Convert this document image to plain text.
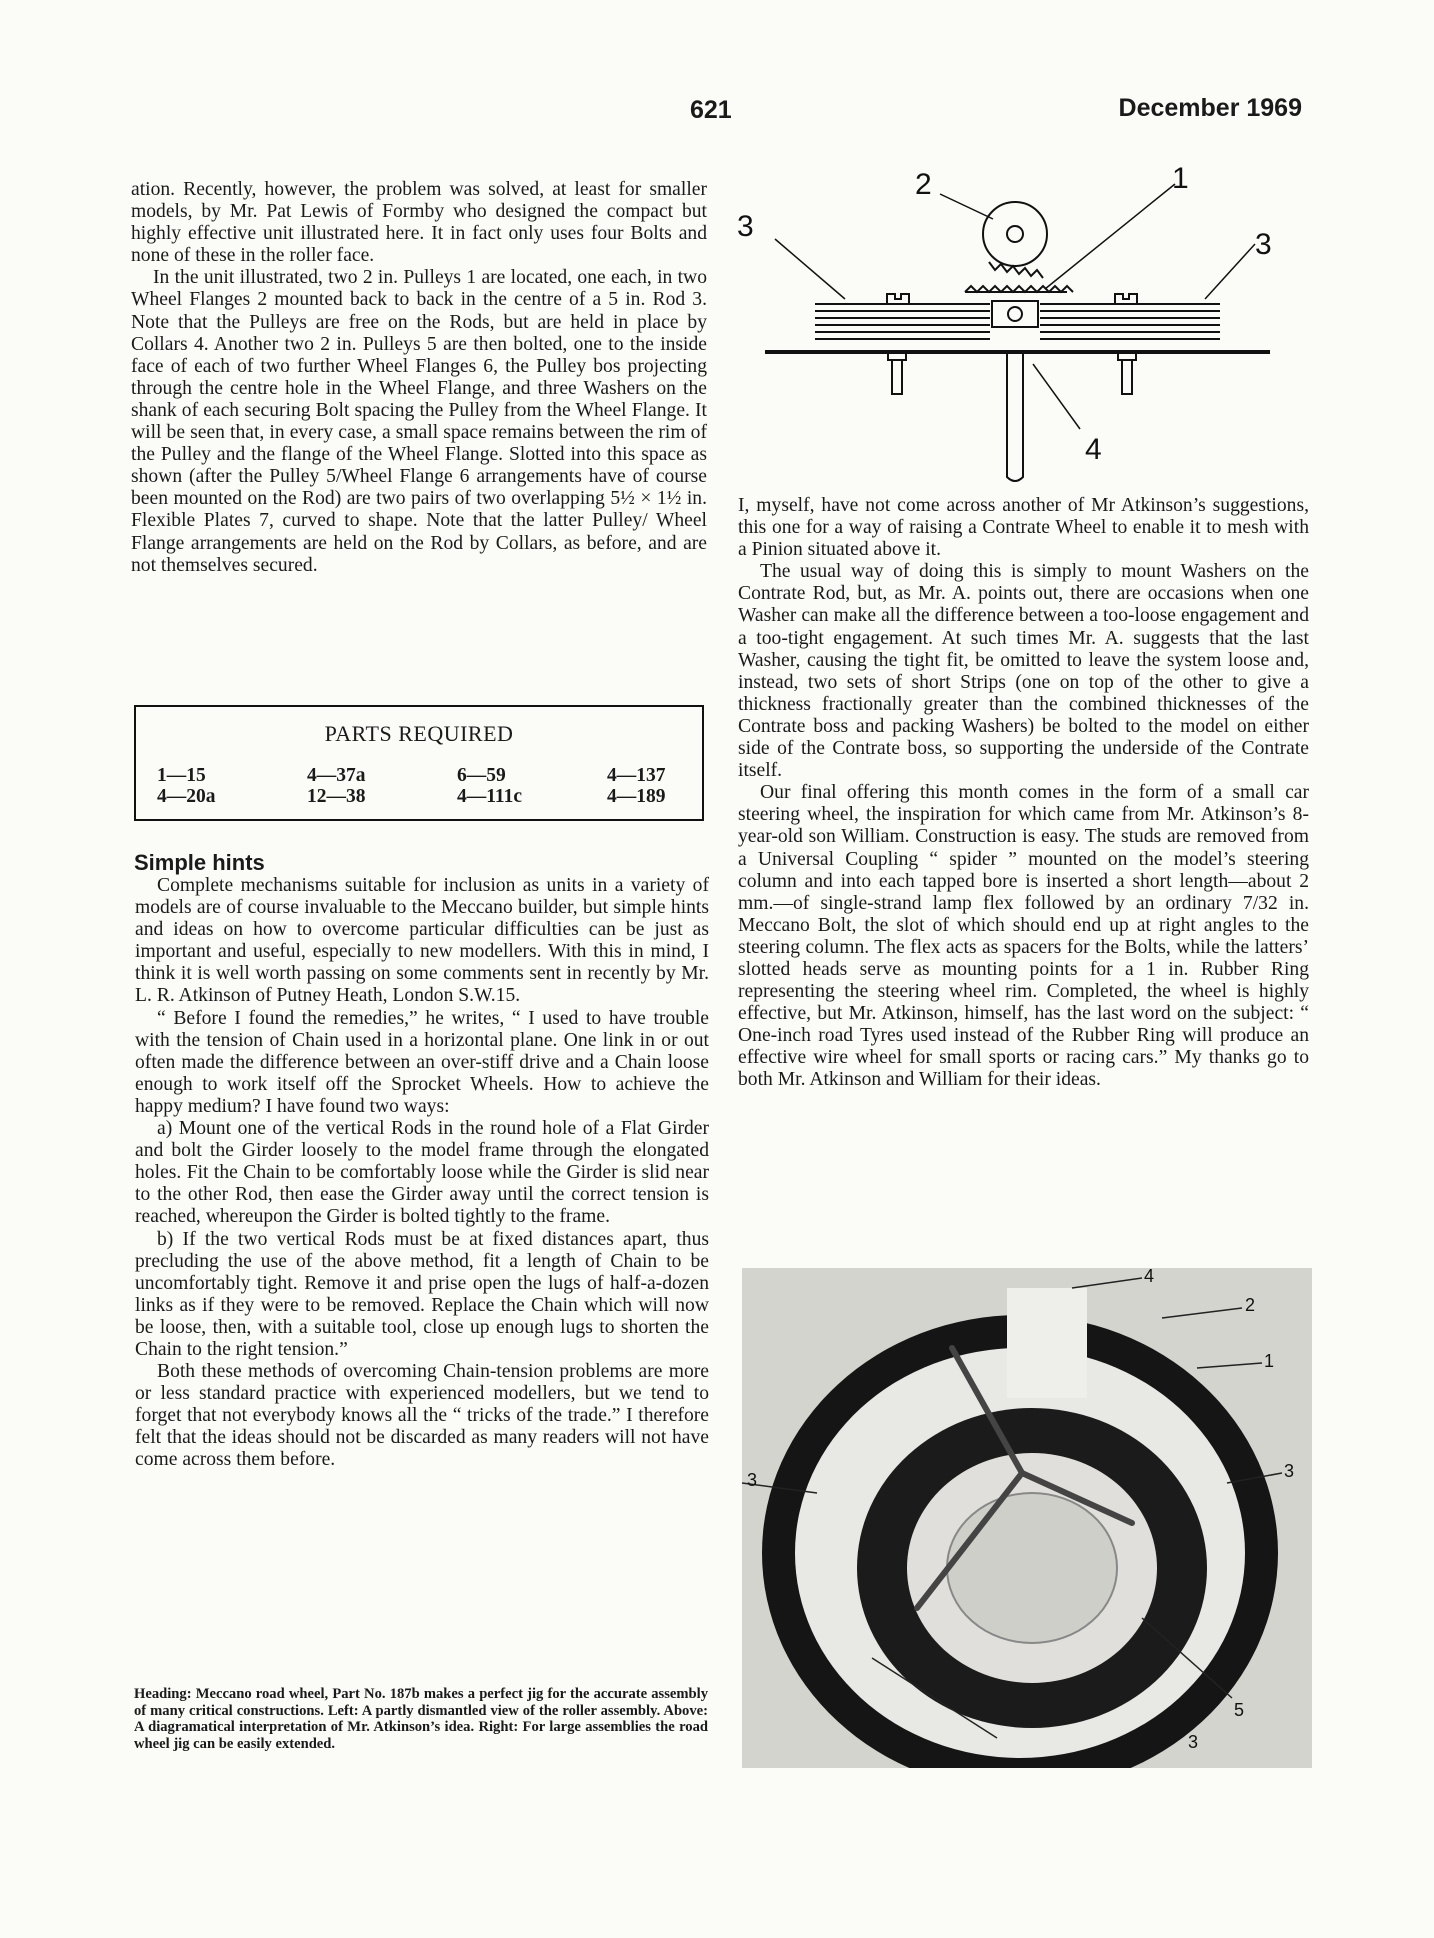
621	December 1969

ation. Recently, however, the problem was solved, at least for smaller models, by Mr. Pat Lewis of Formby who designed the compact but highly effective unit illustrated here. It in fact only uses four Bolts and none of these in the roller face.

In the unit illustrated, two 2 in. Pulleys 1 are located, one each, in two Wheel Flanges 2 mounted back to back in the centre of a 5 in. Rod 3. Note that the Pulleys are free on the Rods, but are held in place by Collars 4. Another two 2 in. Pulleys 5 are then bolted, one to the inside face of each of two further Wheel Flanges 6, the Pulley bos projecting through the centre hole in the Wheel Flange, and three Washers on the shank of each securing Bolt spacing the Pulley from the Wheel Flange. It will be seen that, in every case, a small space remains between the rim of the Pulley and the flange of the Wheel Flange. Slotted into this space as shown (after the Pulley 5/Wheel Flange 6 arrangements have of course been mounted on the Rod) are two pairs of two overlapping 5½ × 1½ in. Flexible Plates 7, curved to shape. Note that the latter Pulley/ Wheel Flange arrangements are held on the Rod by Collars, as before, and are not themselves secured.

PARTS REQUIRED
1—15	4—37a	6—59	4—137
4—20a	12—38	4—111c	4—189
Simple hints

Complete mechanisms suitable for inclusion as units in a variety of models are of course invaluable to the Meccano builder, but simple hints and ideas on how to overcome particular difficulties can be just as important and useful, especially to new modellers. With this in mind, I think it is well worth passing on some comments sent in recently by Mr. L. R. Atkinson of Putney Heath, London S.W.15.

“ Before I found the remedies,” he writes, “ I used to have trouble with the tension of Chain used in a horizontal plane. One link in or out often made the difference between an over-stiff drive and a Chain loose enough to work itself off the Sprocket Wheels. How to achieve the happy medium? I have found two ways:

a) Mount one of the vertical Rods in the round hole of a Flat Girder and bolt the Girder loosely to the model frame through the elongated holes. Fit the Chain to be comfortably loose while the Girder is slid near to the other Rod, then ease the Girder away until the correct tension is reached, whereupon the Girder is bolted tightly to the frame.

b) If the two vertical Rods must be at fixed distances apart, thus precluding the use of the above method, fit a length of Chain to be uncomfortably tight. Remove it and prise open the lugs of half-a-dozen links as if they were to be removed. Replace the Chain which will now be loose, then, with a suitable tool, close up enough lugs to shorten the Chain to the right tension.”

Both these methods of overcoming Chain-tension problems are more or less standard practice with experienced modellers, but we tend to forget that not everybody knows all the “ tricks of the trade.” I therefore felt that the ideas should not be discarded as many readers will not have come across them before.

Heading: Meccano road wheel, Part No. 187b makes a perfect jig for the accurate assembly of many critical constructions. Left: A partly dismantled view of the roller assembly. Above: A diagramatical interpretation of Mr. Atkinson’s idea. Right: For large assemblies the road wheel jig can be easily extended.

I, myself, have not come across another of Mr Atkinson’s suggestions, this one for a way of raising a Contrate Wheel to enable it to mesh with a Pinion situated above it.

The usual way of doing this is simply to mount Washers on the Contrate Rod, but, as Mr. A. points out, there are occasions when one Washer can make all the difference between a too-loose engagement and a too-tight engagement. At such times Mr. A. suggests that the last Washer, causing the tight fit, be omitted to leave the system loose and, instead, two sets of short Strips (one on top of the other to give a thickness fractionally greater than the combined thicknesses of the Contrate boss and packing Washers) be bolted to the model on either side of the Contrate boss, so supporting the underside of the Contrate itself.

Our final offering this month comes in the form of a small car steering wheel, the inspiration for which came from Mr. Atkinson’s 8-year-old son William. Construction is easy. The studs are removed from a Universal Coupling “ spider ” mounted on the model’s steering column and into each tapped bore is inserted a short length—about 2 mm.—of single-strand lamp flex followed by an ordinary 7/32 in. Meccano Bolt, the slot of which should end up at right angles to the steering column. The flex acts as spacers for the Bolts, while the latters’ slotted heads serve as mounting points for a 1 in. Rubber Ring representing the steering wheel rim. Completed, the wheel is highly effective, but Mr. Atkinson, himself, has the last word on the subject: “ One-inch road Tyres used instead of the Rubber Ring will produce an effective wire wheel for small sports or racing cars.” My thanks go to both Mr. Atkinson and William for their ideas.

2	1
3
3
4
4
2
1
3
3
5
3
